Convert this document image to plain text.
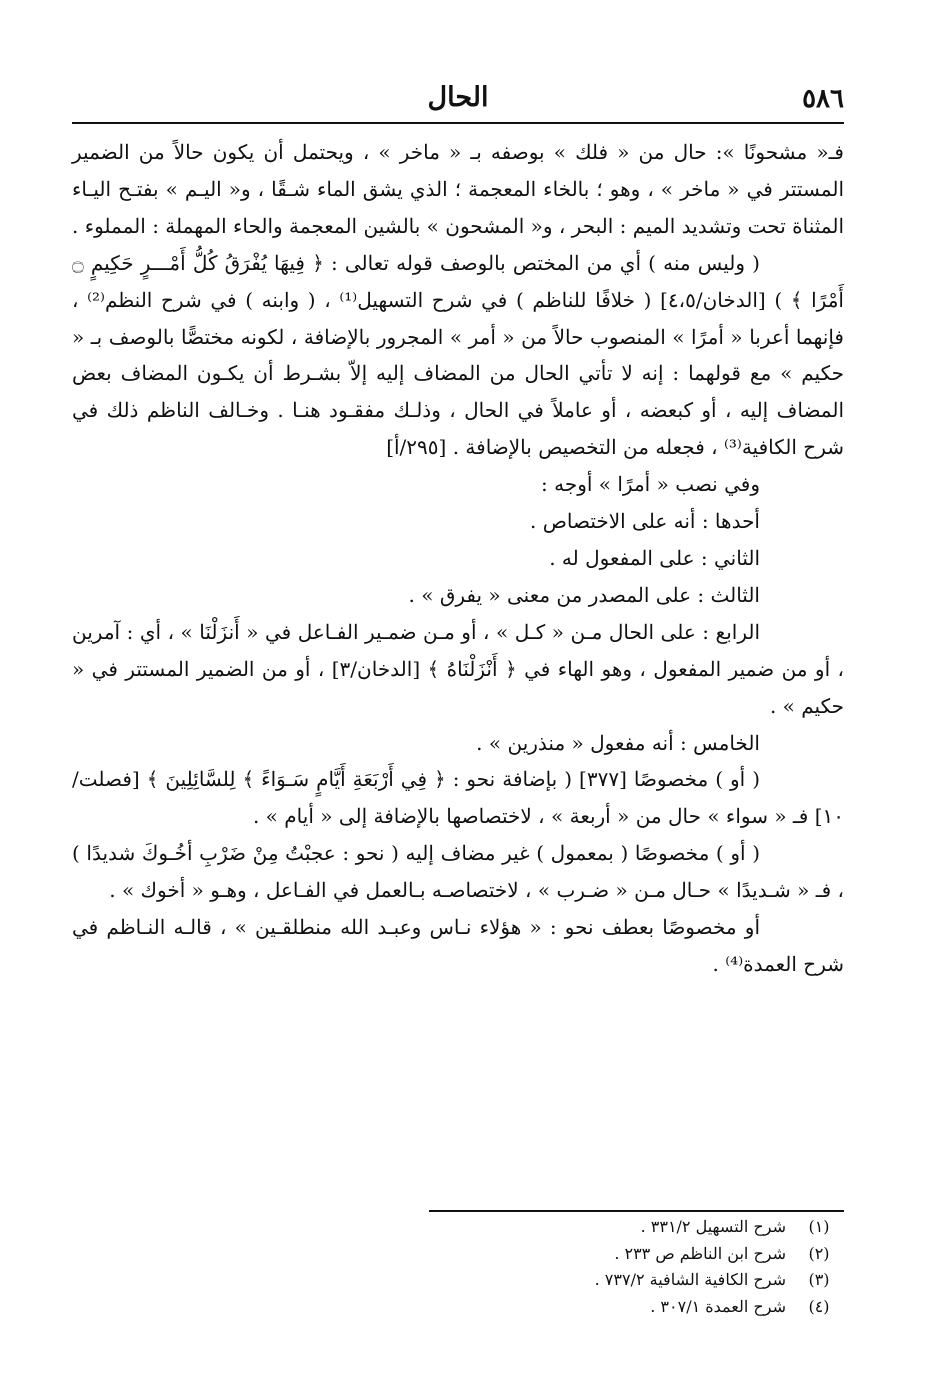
٥٨٦
الحال

فـ« مشحونًا »: حال من « فلك » بوصفه بـ « ماخر » ، ويحتمل أن يكون حالاً من الضمير المستتر في « ماخر » ، وهو ؛ بالخاء المعجمة ؛ الذي يشق الماء شـقًا ، و« اليـم » بفتـح اليـاء المثناة تحت وتشديد الميم : البحر ، و« المشحون » بالشين المعجمة والحاء المهملة : المملوء .

( وليس منه ) أي من المختص بالوصف قوله تعالى : ﴿ فِيهَا يُفْرَقُ كُلُّ أَمْـــرٍ حَكِيمٍ ۝ أَمْرًا ﴾ ) [الدخان/٤،٥] ( خلافًا للناظم ) في شرح التسهيل⁽¹⁾ ، ( وابنه ) في شرح النظم⁽²⁾ ، فإنهما أعربا « أمرًا » المنصوب حالاً من « أمر » المجرور بالإضافة ، لكونه مختصًّا بالوصف بـ « حكيم » مع قولهما : إنه لا تأتي الحال من المضاف إليه إلاّ بشـرط أن يكـون المضاف بعض المضاف إليه ، أو كبعضه ، أو عاملاً في الحال ، وذلـك مفقـود هنـا . وخـالف الناظم ذلك في شرح الكافية⁽³⁾ ، فجعله من التخصيص بالإضافة . [٢٩٥/أ]

وفي نصب « أمرًا » أوجه :

أحدها : أنه على الاختصاص .

الثاني : على المفعول له .

الثالث : على المصدر من معنى « يفرق » .

الرابع : على الحال مـن « كـل » ، أو مـن ضمـير الفـاعل في « أَنزَلْنَا » ، أي : آمرين ، أو من ضمير المفعول ، وهو الهاء في ﴿ أَنْزَلْنَاهُ ﴾ [الدخان/٣] ، أو من الضمير المستتر في « حكيم » .

الخامس : أنه مفعول « منذرين » .

( أو ) مخصوصًا [٣٧٧] ( بإضافة نحو : ﴿ فِي أَرْبَعَةِ أَيَّامٍ سَـوَاءً ﴾ لِلسَّائِلِينَ ﴾ [فصلت/١٠] فـ « سواء » حال من « أربعة » ، لاختصاصها بالإضافة إلى « أيام » .

( أو ) مخصوصًا ( بمعمول ) غير مضاف إليه ( نحو : عجبْتُ مِنْ ضَرْبِ أخُـوكَ شديدًا ) ، فـ « شـديدًا » حـال مـن « ضـرب » ، لاختصاصـه بـالعمل في الفـاعل ، وهـو « أخوك » .

أو مخصوصًا بعطف نحو : « هؤلاء نـاس وعبـد الله منطلقـين » ، قالـه النـاظم في شرح العمدة⁽⁴⁾ .

(١)
شرح التسهيل ٣٣١/٢ .
(٢)
شرح ابن الناظم ص ٢٣٣ .
(٣)
شرح الكافية الشافية ٧٣٧/٢ .
(٤)
شرح العمدة ٣٠٧/١ .
